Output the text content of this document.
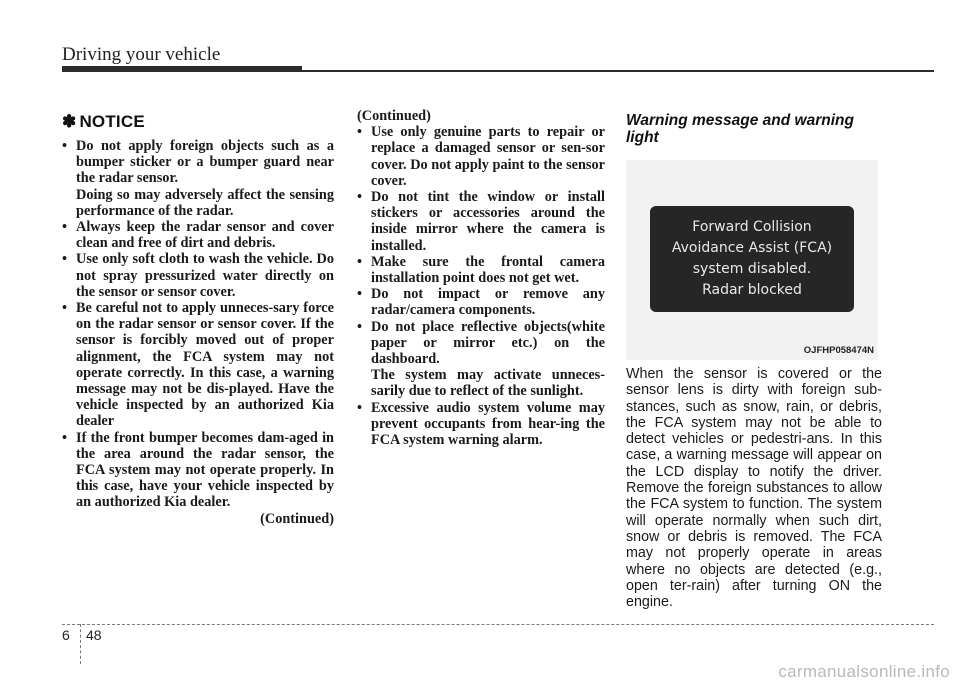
Driving your vehicle
✽ NOTICE
• Do not apply foreign objects such as a bumper sticker or a bumper guard near the radar sensor.

Doing so may adversely affect the sensing performance of the radar.

• Always keep the radar sensor and cover clean and free of dirt and debris.
• Use only soft cloth to wash the vehicle. Do not spray pressurized water directly on the sensor or sensor cover.
• Be careful not to apply unneces-sary force on the radar sensor or sensor cover. If the sensor is forcibly moved out of proper alignment, the FCA system may not operate correctly. In this case, a warning message may not be dis-played. Have the vehicle inspected by an authorized Kia dealer
• If the front bumper becomes dam-aged in the area around the radar sensor, the FCA system may not operate properly. In this case, have your vehicle inspected by an authorized Kia dealer.

(Continued)

(Continued)

• Use only genuine parts to repair or replace a damaged sensor or sen-sor cover. Do not apply paint to the sensor cover.
• Do not tint the window or install stickers or accessories around the inside mirror where the camera is installed.
• Make sure the frontal camera installation point does not get wet.
• Do not impact or remove any radar/camera components.
• Do not place reflective objects(white paper or mirror etc.) on the dashboard.

The system may activate unneces-sarily due to reflect of the sunlight.

• Excessive audio system volume may prevent occupants from hear-ing the FCA system warning alarm.
Warning message and warning light
Forward Collision
Avoidance Assist (FCA)
system disabled.
Radar blocked
OJFHP058474N

When the sensor is covered or the sensor lens is dirty with foreign sub-stances, such as snow, rain, or debris, the FCA system may not be able to detect vehicles or pedestri-ans. In this case, a warning message will appear on the LCD display to notify the driver. Remove the foreign substances to allow the FCA system to function. The system will operate normally when such dirt, snow or debris is removed. The FCA may not properly operate in areas where no objects are detected (e.g., open ter-rain) after turning ON the engine.

6 48
carmanualsonline.info
